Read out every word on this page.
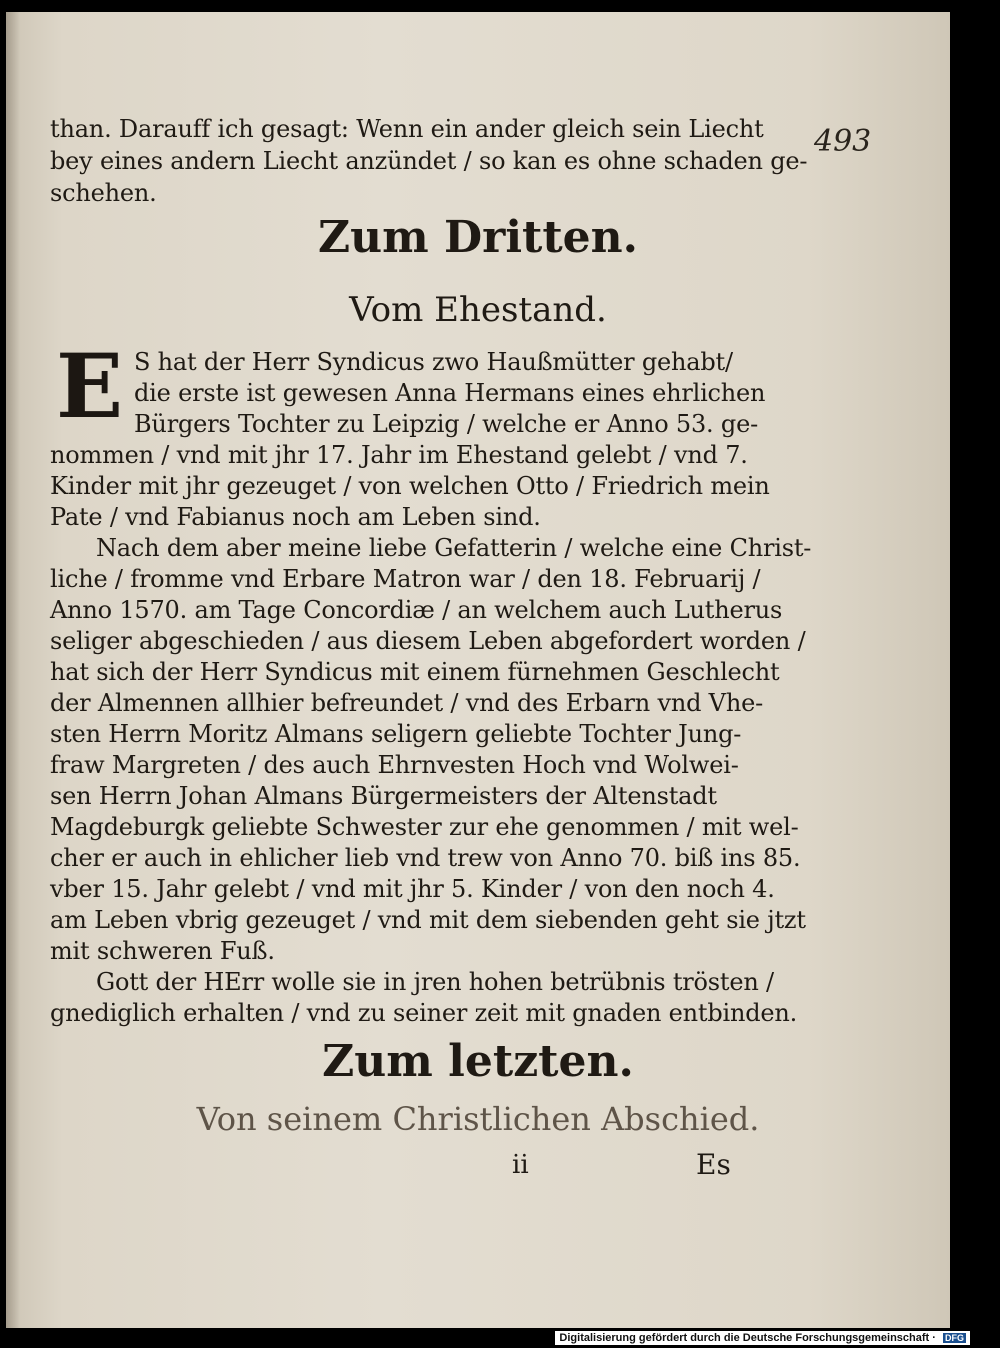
493
than. Darauff ich gesagt: Wenn ein ander gleich sein Liecht
bey eines andern Liecht anzündet / so kan es ohne schaden ge-
schehen.
Zum Dritten.
Vom Ehestand.
E S hat der Herr Syndicus zwo Haußmütter gehabt/
die erste ist gewesen Anna Hermans eines ehrlichen
Bürgers Tochter zu Leipzig / welche er Anno 53. ge-
nommen / vnd mit jhr 17. Jahr im Ehestand gelebt / vnd 7.
Kinder mit jhr gezeuget / von welchen Otto / Friedrich mein
Pate / vnd Fabianus noch am Leben sind.
Nach dem aber meine liebe Gefatterin / welche eine Christ-
liche / fromme vnd Erbare Matron war / den 18. Februarij /
Anno 1570. am Tage Concordiæ / an welchem auch Lutherus
seliger abgeschieden / aus diesem Leben abgefordert worden /
hat sich der Herr Syndicus mit einem fürnehmen Geschlecht
der Almennen allhier befreundet / vnd des Erbarn vnd Vhe-
sten Herrn Moritz Almans seligern geliebte Tochter Jung-
fraw Margreten / des auch Ehrnvesten Hoch vnd Wolwei-
sen Herrn Johan Almans Bürgermeisters der Altenstadt
Magdeburgk geliebte Schwester zur ehe genommen / mit wel-
cher er auch in ehlicher lieb vnd trew von Anno 70. biß ins 85.
vber 15. Jahr gelebt / vnd mit jhr 5. Kinder / von den noch 4.
am Leben vbrig gezeuget / vnd mit dem siebenden geht sie jtzt
mit schweren Fuß.
Gott der HErr wolle sie in jren hohen betrübnis trösten /
gnediglich erhalten / vnd zu seiner zeit mit gnaden entbinden.
Zum letzten.
Von seinem Christlichen Abschied.
ii	Es
Digitalisierung gefördert durch die Deutsche Forschungsgemeinschaft · DFG
